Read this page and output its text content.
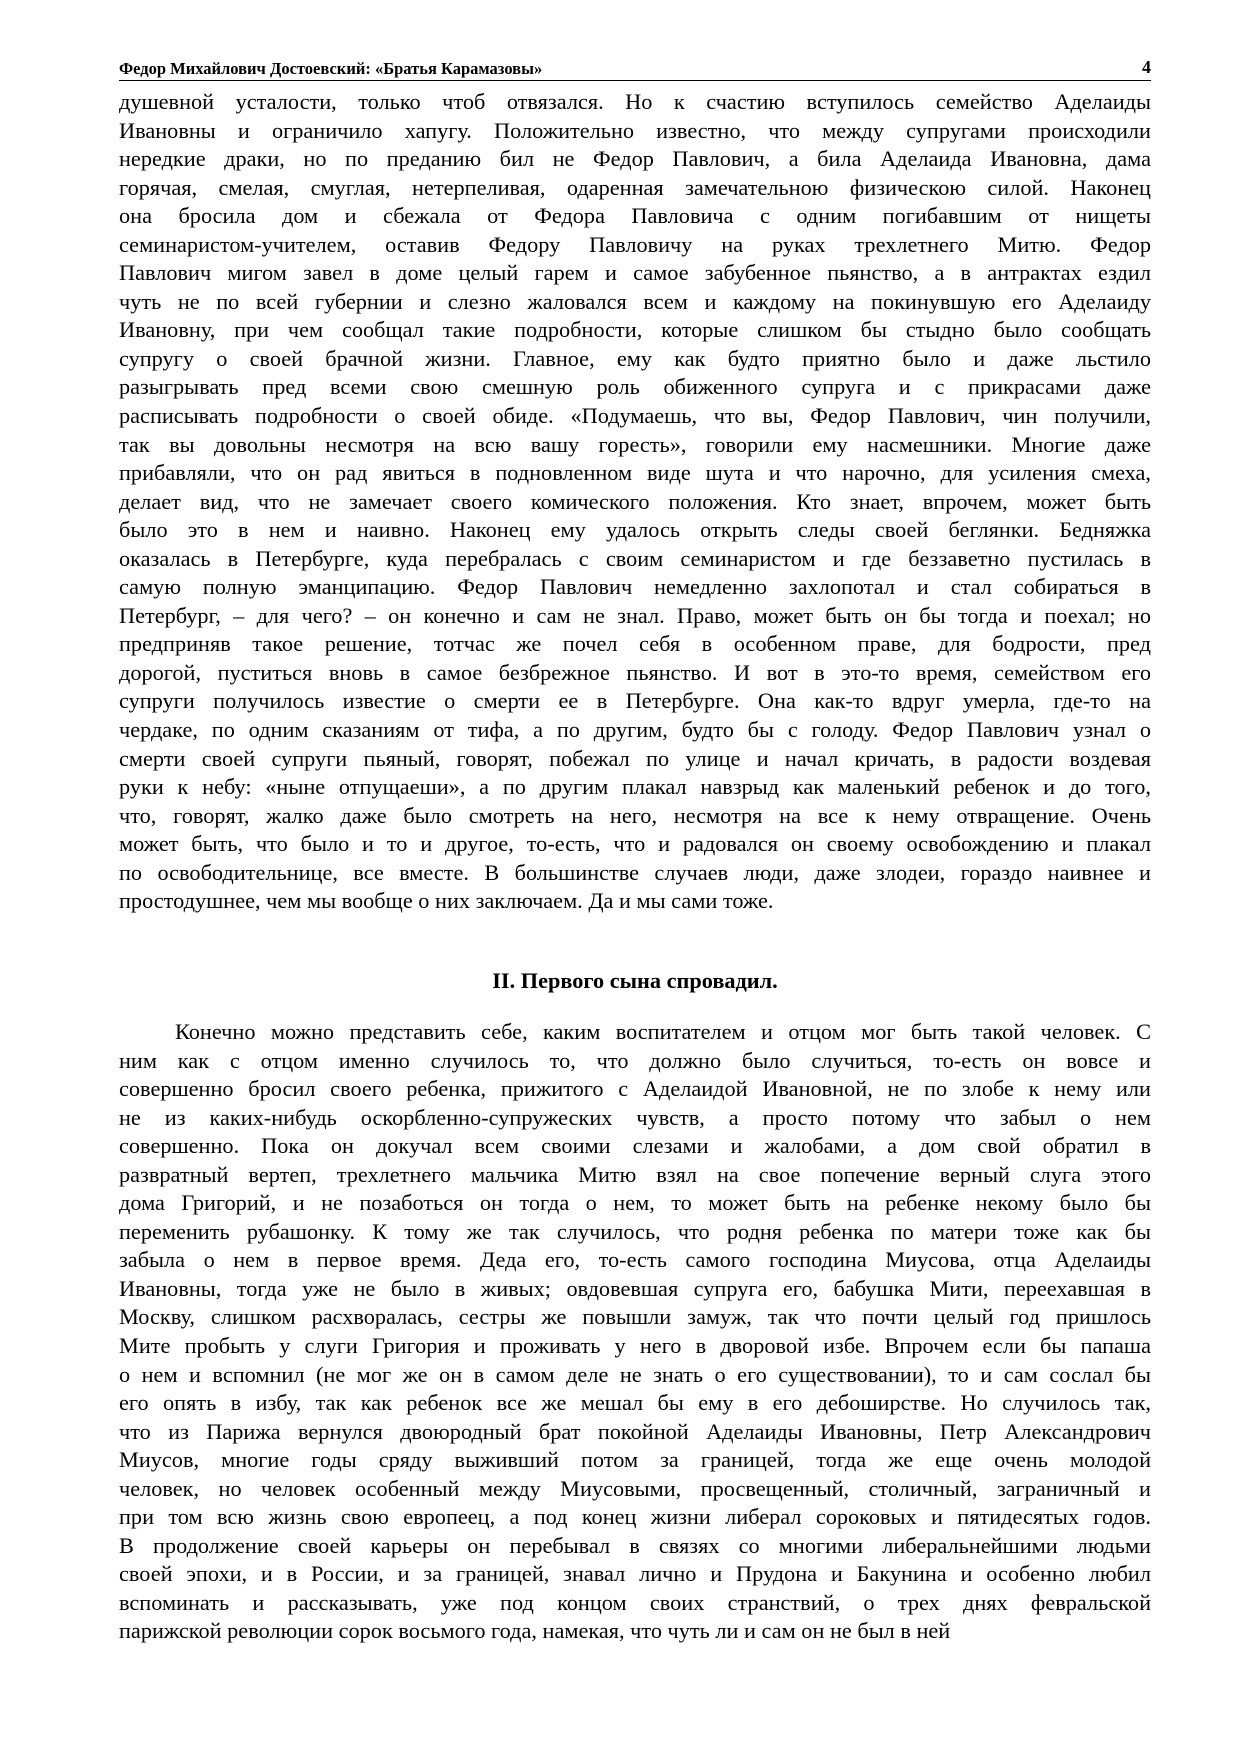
Федор Михайлович Достоевский: «Братья Карамазовы»	4
душевной усталости, только чтоб отвязался. Но к счастию вступилось семейство Аделаиды
Ивановны и ограничило хапугу. Положительно известно, что между супругами происходили
нередкие драки, но по преданию бил не Федор Павлович, а била Аделаида Ивановна, дама
горячая, смелая, смуглая, нетерпеливая, одаренная замечательною физическою силой. Наконец
она бросила дом и сбежала от Федора Павловича с одним погибавшим от нищеты
семинаристом-учителем, оставив Федору Павловичу на руках трехлетнего Митю. Федор
Павлович мигом завел в доме целый гарем и самое забубенное пьянство, а в антрактах ездил
чуть не по всей губернии и слезно жаловался всем и каждому на покинувшую его Аделаиду
Ивановну, при чем сообщал такие подробности, которые слишком бы стыдно было сообщать
супругу о своей брачной жизни. Главное, ему как будто приятно было и даже льстило
разыгрывать пред всеми свою смешную роль обиженного супруга и с прикрасами даже
расписывать подробности о своей обиде. «Подумаешь, что вы, Федор Павлович, чин получили,
так вы довольны несмотря на всю вашу горесть», говорили ему насмешники. Многие даже
прибавляли, что он рад явиться в подновленном виде шута и что нарочно, для усиления смеха,
делает вид, что не замечает своего комического положения. Кто знает, впрочем, может быть
было это в нем и наивно. Наконец ему удалось открыть следы своей беглянки. Бедняжка
оказалась в Петербурге, куда перебралась с своим семинаристом и где беззаветно пустилась в
самую полную эманципацию. Федор Павлович немедленно захлопотал и стал собираться в
Петербург, – для чего? – он конечно и сам не знал. Право, может быть он бы тогда и поехал; но
предприняв такое решение, тотчас же почел себя в особенном праве, для бодрости, пред
дорогой, пуститься вновь в самое безбрежное пьянство. И вот в это-то время, семейством его
супруги получилось известие о смерти ее в Петербурге. Она как-то вдруг умерла, где-то на
чердаке, по одним сказаниям от тифа, а по другим, будто бы с голоду. Федор Павлович узнал о
смерти своей супруги пьяный, говорят, побежал по улице и начал кричать, в радости воздевая
руки к небу: «ныне отпущаеши», а по другим плакал навзрыд как маленький ребенок и до того,
что, говорят, жалко даже было смотреть на него, несмотря на все к нему отвращение. Очень
может быть, что было и то и другое, то-есть, что и радовался он своему освобождению и плакал
по освободительнице, все вместе. В большинстве случаев люди, даже злодеи, гораздо наивнее и
простодушнее, чем мы вообще о них заключаем. Да и мы сами тоже.
II. Первого сына спровадил.
Конечно можно представить себе, каким воспитателем и отцом мог быть такой человек. С
ним как с отцом именно случилось то, что должно было случиться, то-есть он вовсе и
совершенно бросил своего ребенка, прижитого с Аделаидой Ивановной, не по злобе к нему или
не из каких-нибудь оскорбленно-супружеских чувств, а просто потому что забыл о нем
совершенно. Пока он докучал всем своими слезами и жалобами, а дом свой обратил в
развратный вертеп, трехлетнего мальчика Митю взял на свое попечение верный слуга этого
дома Григорий, и не позаботься он тогда о нем, то может быть на ребенке некому было бы
переменить рубашонку. К тому же так случилось, что родня ребенка по матери тоже как бы
забыла о нем в первое время. Деда его, то-есть самого господина Миусова, отца Аделаиды
Ивановны, тогда уже не было в живых; овдовевшая супруга его, бабушка Мити, переехавшая в
Москву, слишком расхворалась, сестры же повышли замуж, так что почти целый год пришлось
Мите пробыть у слуги Григория и проживать у него в дворовой избе. Впрочем если бы папаша
о нем и вспомнил (не мог же он в самом деле не знать о его существовании), то и сам сослал бы
его опять в избу, так как ребенок все же мешал бы ему в его дебоширстве. Но случилось так,
что из Парижа вернулся двоюродный брат покойной Аделаиды Ивановны, Петр Александрович
Миусов, многие годы сряду выживший потом за границей, тогда же еще очень молодой
человек, но человек особенный между Миусовыми, просвещенный, столичный, заграничный и
при том всю жизнь свою европеец, а под конец жизни либерал сороковых и пятидесятых годов.
В продолжение своей карьеры он перебывал в связях со многими либеральнейшими людьми
своей эпохи, и в России, и за границей, знавал лично и Прудона и Бакунина и особенно любил
вспоминать и рассказывать, уже под концом своих странствий, о трех днях февральской
парижской революции сорок восьмого года, намекая, что чуть ли и сам он не был в ней
